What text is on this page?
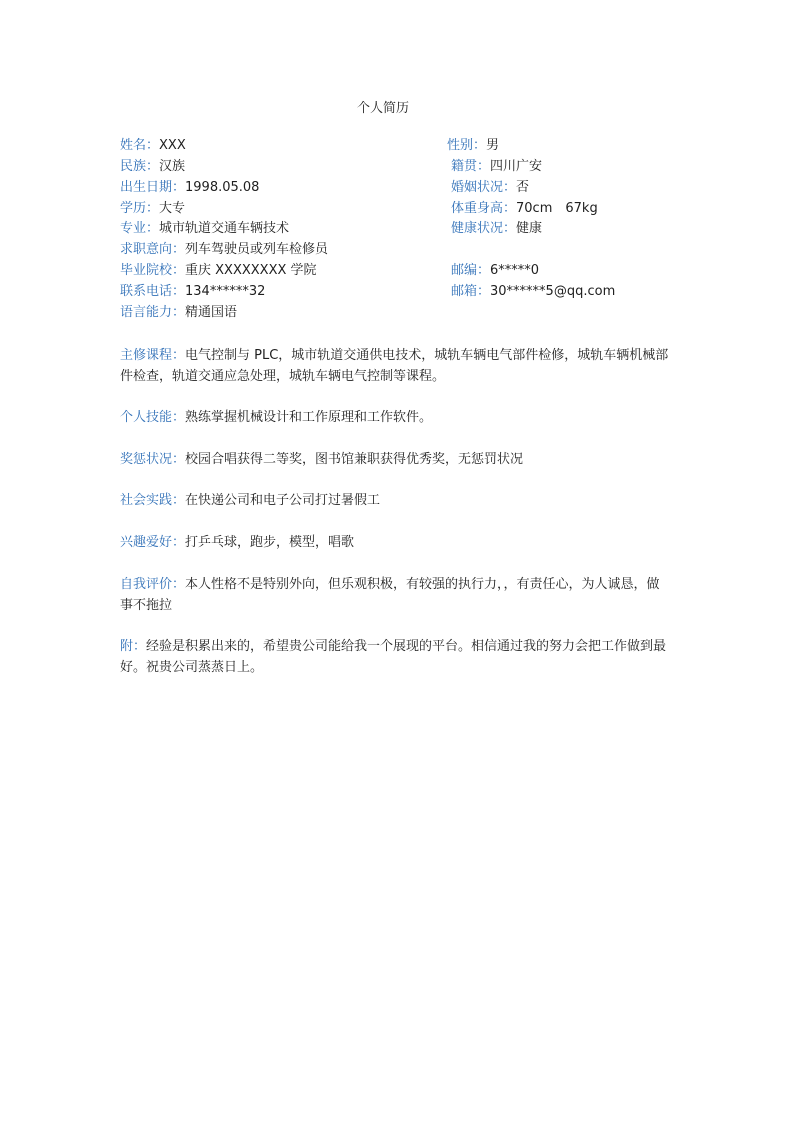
个人简历
姓名：XXX
民族：汉族
出生日期：1998.05.08
学历：大专
专业：城市轨道交通车辆技术
求职意向：列车驾驶员或列车检修员
毕业院校：重庆 XXXXXXXX 学院
联系电话：134******32
语言能力：精通国语
性别：男
籍贯：四川广安
婚姻状况：否
体重身高：70cm　67kg
健康状况：健康
邮编：6*****0
邮箱：30******5@qq.com
主修课程：电气控制与 PLC，城市轨道交通供电技术，城轨车辆电气部件检修，城轨车辆机械部件检查，轨道交通应急处理，城轨车辆电气控制等课程。
个人技能：熟练掌握机械设计和工作原理和工作软件。
奖惩状况：校园合唱获得二等奖，图书馆兼职获得优秀奖，无惩罚状况
社会实践：在快递公司和电子公司打过暑假工
兴趣爱好：打乒乓球，跑步，模型，唱歌
自我评价：本人性格不是特别外向，但乐观积极，有较强的执行力，，有责任心，为人诚恳，做事不拖拉
附：经验是积累出来的，希望贵公司能给我一个展现的平台。相信通过我的努力会把工作做到最好。祝贵公司蒸蒸日上。
